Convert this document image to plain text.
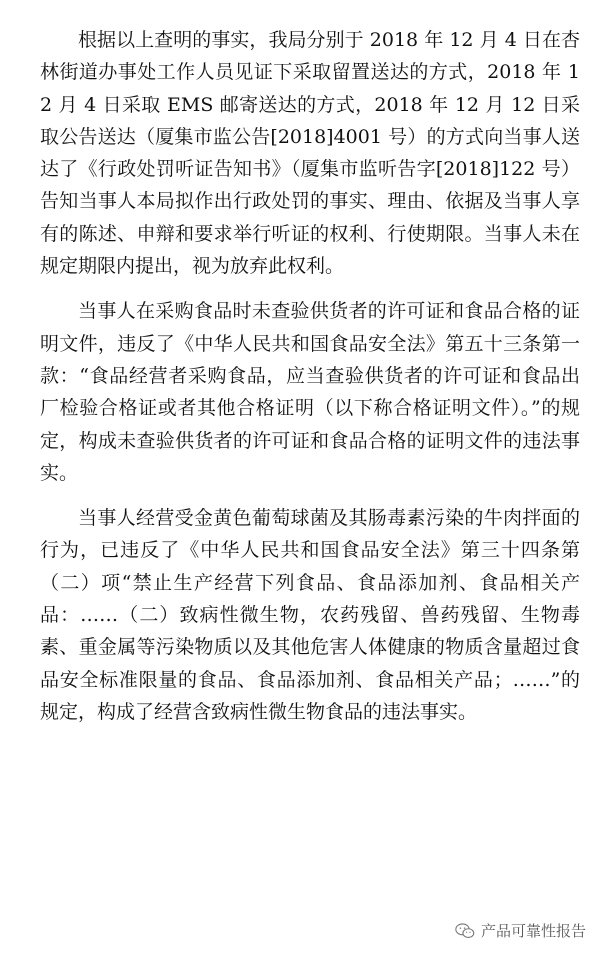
根据以上查明的事实，我局分别于 2018 年 12 月 4 日在杏林街道办事处工作人员见证下采取留置送达的方式，2018 年 12 月 4 日采取 EMS 邮寄送达的方式，2018 年 12 月 12 日采取公告送达（厦集市监公告[2018]4001 号）的方式向当事人送达了《行政处罚听证告知书》（厦集市监听告字[2018]122 号）告知当事人本局拟作出行政处罚的事实、理由、依据及当事人享有的陈述、申辩和要求举行听证的权利、行使期限。当事人未在规定期限内提出，视为放弃此权利。

当事人在采购食品时未查验供货者的许可证和食品合格的证明文件，违反了《中华人民共和国食品安全法》第五十三条第一款：“食品经营者采购食品，应当查验供货者的许可证和食品出厂检验合格证或者其他合格证明（以下称合格证明文件）。”的规定，构成未查验供货者的许可证和食品合格的证明文件的违法事实。

当事人经营受金黄色葡萄球菌及其肠毒素污染的牛肉拌面的行为，已违反了《中华人民共和国食品安全法》第三十四条第（二）项“禁止生产经营下列食品、食品添加剂、食品相关产品：……（二）致病性微生物，农药残留、兽药残留、生物毒素、重金属等污染物质以及其他危害人体健康的物质含量超过食品安全标准限量的食品、食品添加剂、食品相关产品；……”的规定，构成了经营含致病性微生物食品的违法事实。

产品可靠性报告
